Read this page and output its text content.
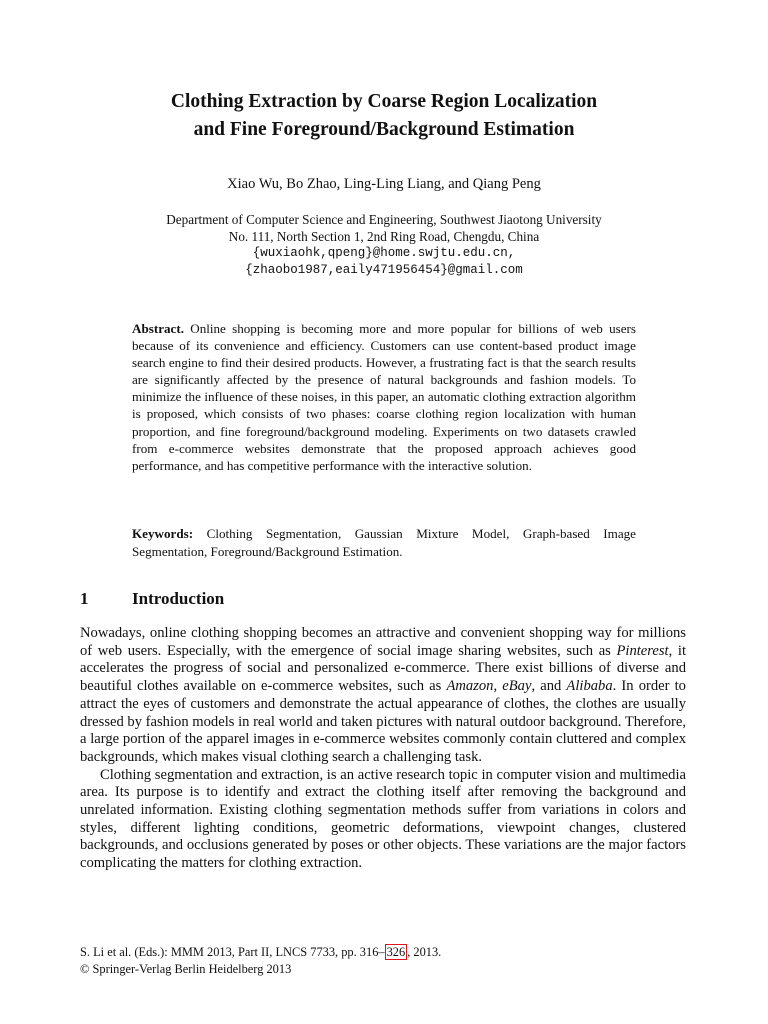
Clothing Extraction by Coarse Region Localization
and Fine Foreground/Background Estimation
Xiao Wu, Bo Zhao, Ling-Ling Liang, and Qiang Peng
Department of Computer Science and Engineering, Southwest Jiaotong University
No. 111, North Section 1, 2nd Ring Road, Chengdu, China
{wuxiaohk,qpeng}@home.swjtu.edu.cn,
{zhaobo1987,eaily471956454}@gmail.com
Abstract. Online shopping is becoming more and more popular for billions of web users because of its convenience and efficiency. Customers can use content-based product image search engine to find their desired products. However, a frustrating fact is that the search results are significantly affected by the presence of natural backgrounds and fashion models. To minimize the influence of these noises, in this paper, an automatic clothing extraction algorithm is proposed, which consists of two phases: coarse clothing region localization with human proportion, and fine foreground/background modeling. Experiments on two datasets crawled from e-commerce websites demonstrate that the proposed approach achieves good performance, and has competitive performance with the interactive solution.
Keywords: Clothing Segmentation, Gaussian Mixture Model, Graph-based Image Segmentation, Foreground/Background Estimation.
1	Introduction

Nowadays, online clothing shopping becomes an attractive and convenient shopping way for millions of web users. Especially, with the emergence of social image sharing websites, such as Pinterest, it accelerates the progress of social and personalized e-commerce. There exist billions of diverse and beautiful clothes available on e-commerce websites, such as Amazon, eBay, and Alibaba. In order to attract the eyes of customers and demonstrate the actual appearance of clothes, the clothes are usually dressed by fashion models in real world and taken pictures with natural outdoor background. Therefore, a large portion of the apparel images in e-commerce websites commonly contain cluttered and complex backgrounds, which makes visual clothing search a challenging task.

Clothing segmentation and extraction, is an active research topic in computer vision and multimedia area. Its purpose is to identify and extract the clothing itself after removing the background and unrelated information. Existing clothing segmentation methods suffer from variations in colors and styles, different lighting conditions, geometric deformations, viewpoint changes, clustered backgrounds, and occlusions generated by poses or other objects. These variations are the major factors complicating the matters for clothing extraction.

S. Li et al. (Eds.): MMM 2013, Part II, LNCS 7733, pp. 316– 326 , 2013.
© Springer-Verlag Berlin Heidelberg 2013
